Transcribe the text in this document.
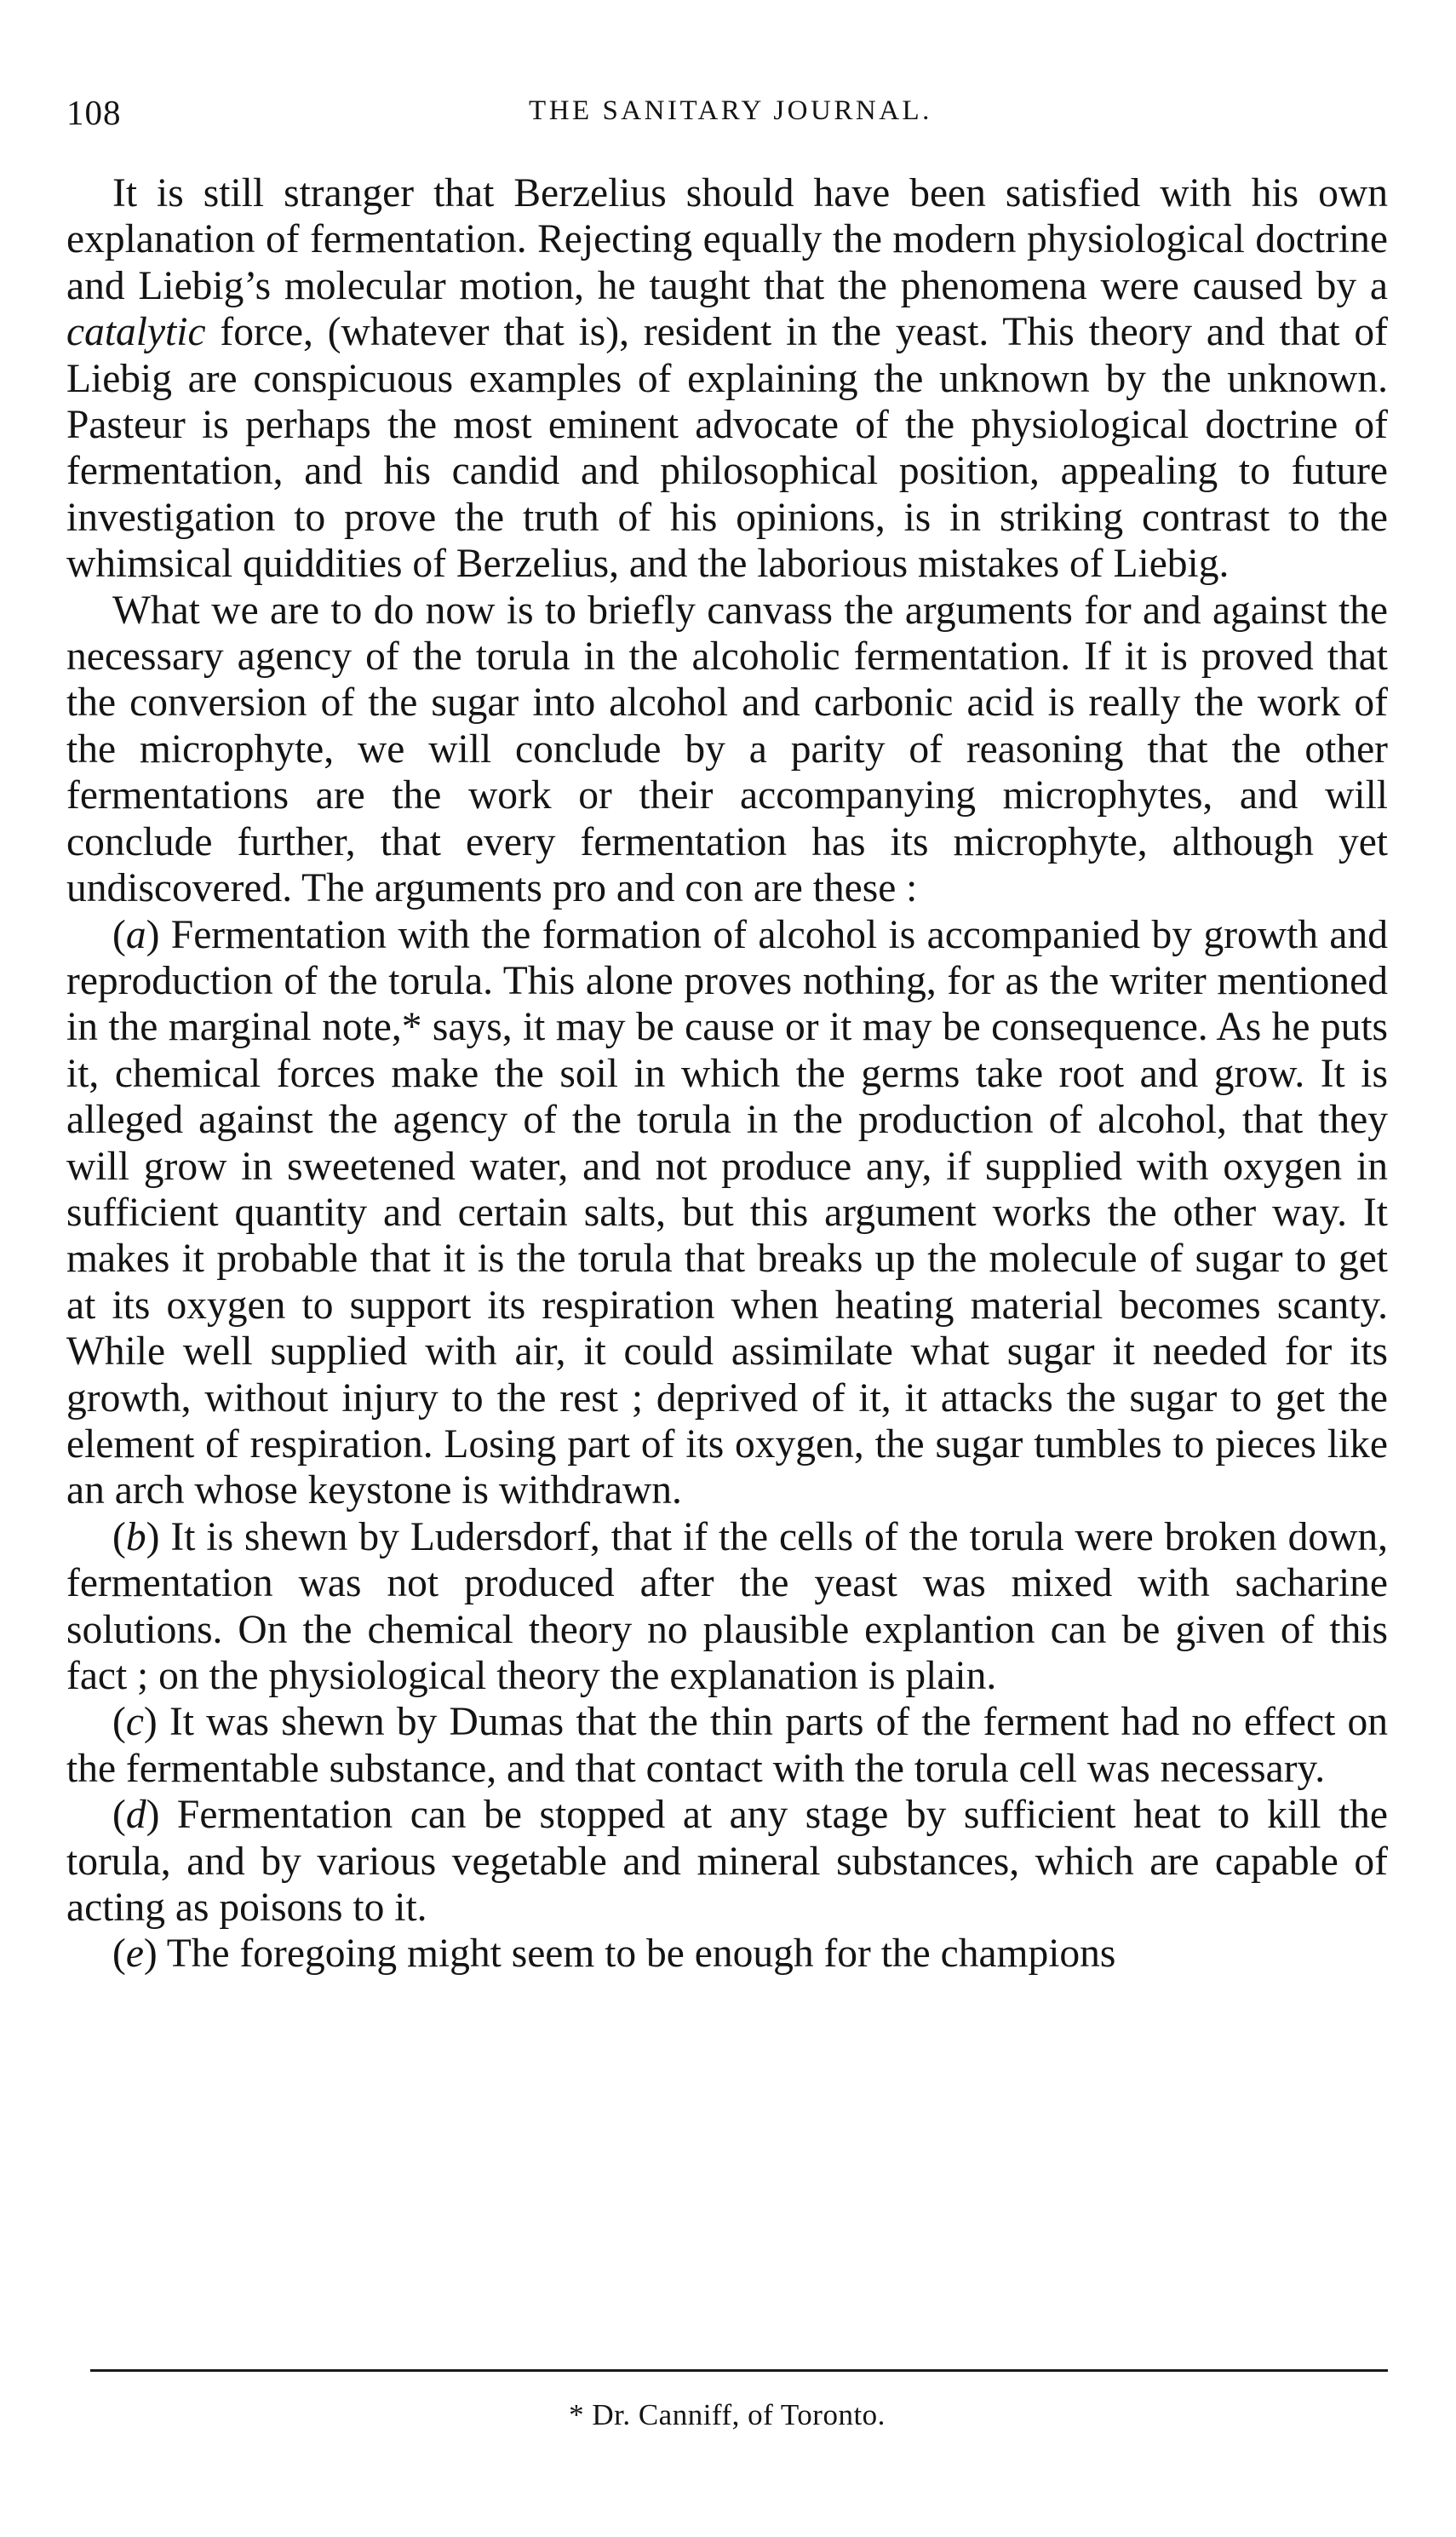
108	THE SANITARY JOURNAL.

It is still stranger that Berzelius should have been satisfied with his own explanation of fermentation. Rejecting equally the modern physiological doctrine and Liebig’s molecular motion, he taught that the phenomena were caused by a catalytic force, (whatever that is), resident in the yeast. This theory and that of Liebig are conspicuous examples of explaining the unknown by the unknown. Pasteur is perhaps the most eminent advocate of the physiological doctrine of fermentation, and his candid and philosophical position, appealing to future investigation to prove the truth of his opinions, is in striking contrast to the whimsical quiddities of Berzelius, and the laborious mistakes of Liebig.

What we are to do now is to briefly canvass the arguments for and against the necessary agency of the torula in the alcoholic fermentation. If it is proved that the conversion of the sugar into alcohol and carbonic acid is really the work of the microphyte, we will conclude by a parity of reasoning that the other fermentations are the work or their accompanying microphytes, and will conclude further, that every fermentation has its microphyte, although yet undiscovered. The arguments pro and con are these :

(a) Fermentation with the formation of alcohol is accompanied by growth and reproduction of the torula. This alone proves nothing, for as the writer mentioned in the marginal note,* says, it may be cause or it may be consequence. As he puts it, chemical forces make the soil in which the germs take root and grow. It is alleged against the agency of the torula in the production of alcohol, that they will grow in sweetened water, and not produce any, if supplied with oxygen in sufficient quantity and certain salts, but this argument works the other way. It makes it probable that it is the torula that breaks up the molecule of sugar to get at its oxygen to support its respiration when heating material becomes scanty. While well supplied with air, it could assimilate what sugar it needed for its growth, without injury to the rest ; deprived of it, it attacks the sugar to get the element of respiration. Losing part of its oxygen, the sugar tumbles to pieces like an arch whose keystone is withdrawn.

(b) It is shewn by Ludersdorf, that if the cells of the torula were broken down, fermentation was not produced after the yeast was mixed with sacharine solutions. On the chemical theory no plausible explantion can be given of this fact ; on the physiological theory the explanation is plain.

(c) It was shewn by Dumas that the thin parts of the ferment had no effect on the fermentable substance, and that contact with the torula cell was necessary.

(d) Fermentation can be stopped at any stage by sufficient heat to kill the torula, and by various vegetable and mineral substances, which are capable of acting as poisons to it.

(e) The foregoing might seem to be enough for the champions

* Dr. Canniff, of Toronto.
